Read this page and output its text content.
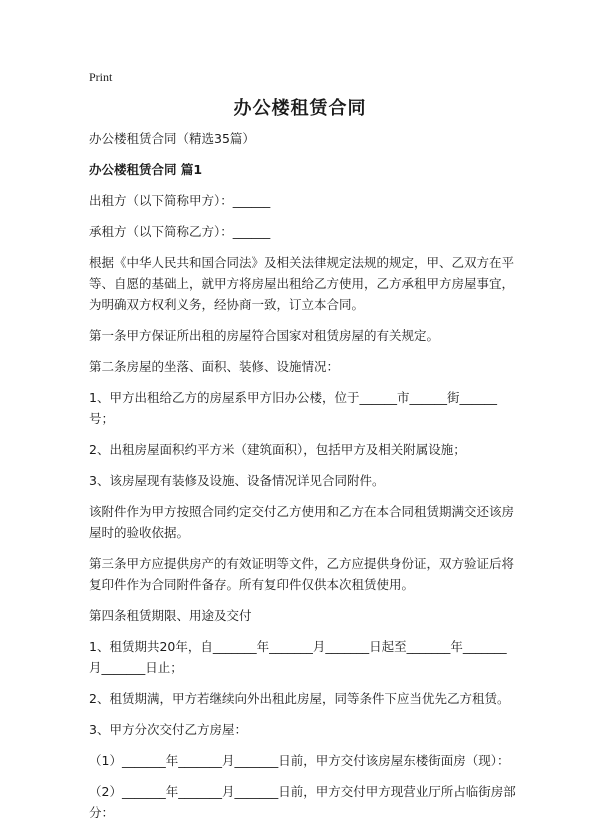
Print
办公楼租赁合同

办公楼租赁合同（精选35篇）

办公楼租赁合同 篇1

出租方（以下简称甲方）：______

承租方（以下简称乙方）：______

根据《中华人民共和国合同法》及相关法律规定法规的规定，甲、乙双方在平等、自愿的基础上，就甲方将房屋出租给乙方使用，乙方承租甲方房屋事宜，为明确双方权利义务，经协商一致，订立本合同。

第一条甲方保证所出租的房屋符合国家对租赁房屋的有关规定。

第二条房屋的坐落、面积、装修、设施情况：

1、甲方出租给乙方的房屋系甲方旧办公楼，位于______市______街______号；

2、出租房屋面积约平方米（建筑面积），包括甲方及相关附属设施；

3、该房屋现有装修及设施、设备情况详见合同附件。

该附件作为甲方按照合同约定交付乙方使用和乙方在本合同租赁期满交还该房屋时的验收依据。

第三条甲方应提供房产的有效证明等文件，乙方应提供身份证，双方验证后将复印件作为合同附件备存。所有复印件仅供本次租赁使用。

第四条租赁期限、用途及交付

1、租赁期共20年，自_______年_______月_______日起至_______年_______月_______日止；

2、租赁期满，甲方若继续向外出租此房屋，同等条件下应当优先乙方租赁。

3、甲方分次交付乙方房屋：

（1）_______年_______月_______日前，甲方交付该房屋东楼街面房（现）：

（2）_______年_______月_______日前，甲方交付甲方现营业厅所占临街房部分：
